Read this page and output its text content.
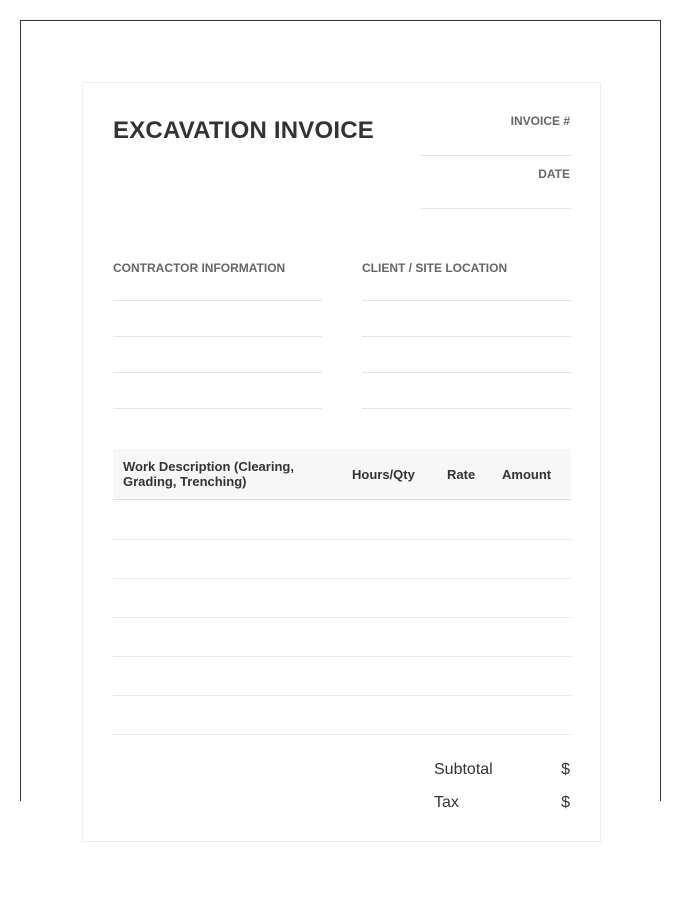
EXCAVATION INVOICE	INVOICE #
DATE
CONTRACTOR INFORMATION	CLIENT / SITE LOCATION
Work Description (Clearing, Grading, Trenching)	Hours/Qty Rate Amount
Subtotal	$
Tax	$
